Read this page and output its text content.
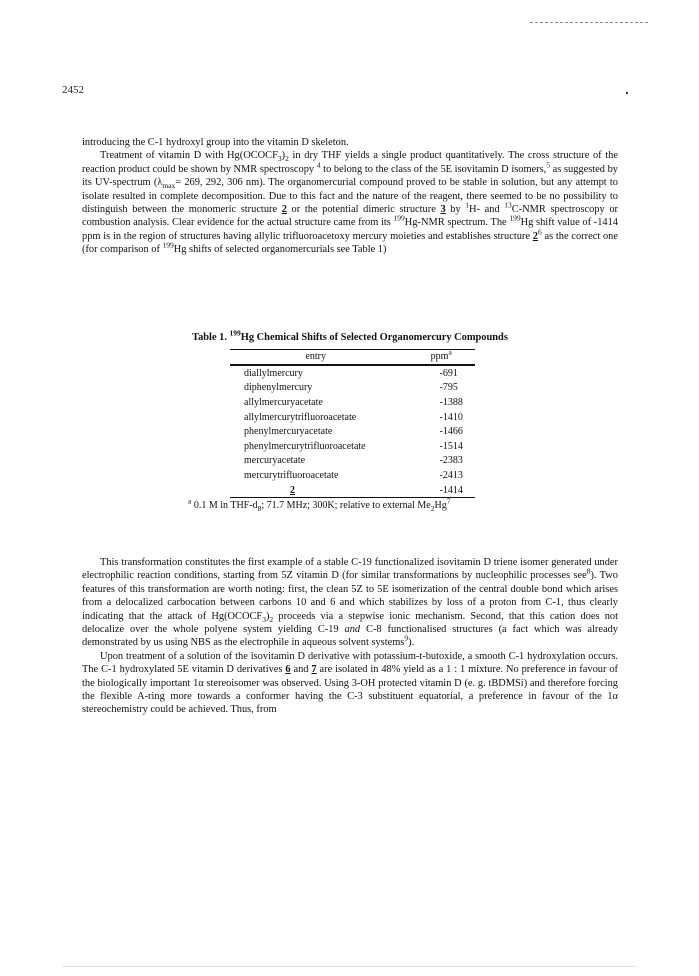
2452

introducing the C-1 hydroxyl group into the vitamin D skeleton.

Treatment of vitamin D with $Hg(OCOCF_3)_2$ in dry THF yields a single product quantitatively. The cross structure of the reaction product could be shown by NMR spectroscopy $^4$ to belong to the class of the 5E isovitamin D isomers,$^5$ as suggested by its UV-spectrum ($\lambda_{max}= 269$, 292, 306 nm). The organomercurial compound proved to be stable in solution, but any attempt to isolate resulted in complete decomposition. Due to this fact and the nature of the reagent, there seemed to be no possibility to distinguish between the monomeric structure 2 or the potential dimeric structure 3 by $^1$H- and $^{13}$C-NMR spectroscopy or combustion analysis. Clear evidence for the actual structure came from its $^{199}$Hg-NMR spectrum. The $^{199}$Hg shift value of -1414 ppm is in the region of structures having allylic trifluoroacetoxy mercury moieties and establishes structure $2^6$ as the correct one (for comparison of $^{199}$Hg shifts of selected organomercurials see Table 1)

Table 1. $^{199}$Hg Chemical Shifts of Selected Organomercury Compounds
entry	ppm$^a$
diallylmercury	-691
diphenylmercury	-795
allylmercuryacetate	-1388
allylmercurytrifluoroacetate	-1410
phenylmercuryacetate	-1466
phenylmercurytrifluoroacetate	-1514
mercuryacetate	-2383
mercurytrifluoroacetate	-2413
2	-1414
$^a$ 0.1 M in THF-$d_8$; 71.7 MHz; 300K; relative to external $Me_2Hg^7$

This transformation constitutes the first example of a stable C-19 functionalized isovitamin D triene isomer generated under electrophilic reaction conditions, starting from 5Z vitamin D (for similar transformations by nucleophilic processes see$^8$). Two features of this transformation are worth noting: first, the clean 5Z to 5E isomerization of the central double bond which arises from a delocalized carbocation between carbons 10 and 6 and which stabilizes by loss of a proton from C-1, thus clearly indicating that the attack of $Hg(OCOCF_3)_2$ proceeds via a stepwise ionic mechanism. Second, that this cation does not delocalize over the whole polyene system yielding C-19 and C-8 functionalised structures (a fact which was already demonstrated by us using NBS as the electrophile in aqueous solvent systems$^9$).

Upon treatment of a solution of the isovitamin D derivative with potassium-t-butoxide, a smooth C-1 hydroxylation occurs. The C-1 hydroxylated 5E vitamin D derivatives 6 and 7 are isolated in 48% yield as a 1 : 1 mixture. No preference in favour of the biologically important 1α stereoisomer was observed. Using 3-OH protected vitamin D (e. g. tBDMSi) and therefore forcing the flexible A-ring more towards a conformer having the C-3 substituent equatorial, a preference in favour of the 1α stereochemistry could be achieved. Thus, from
